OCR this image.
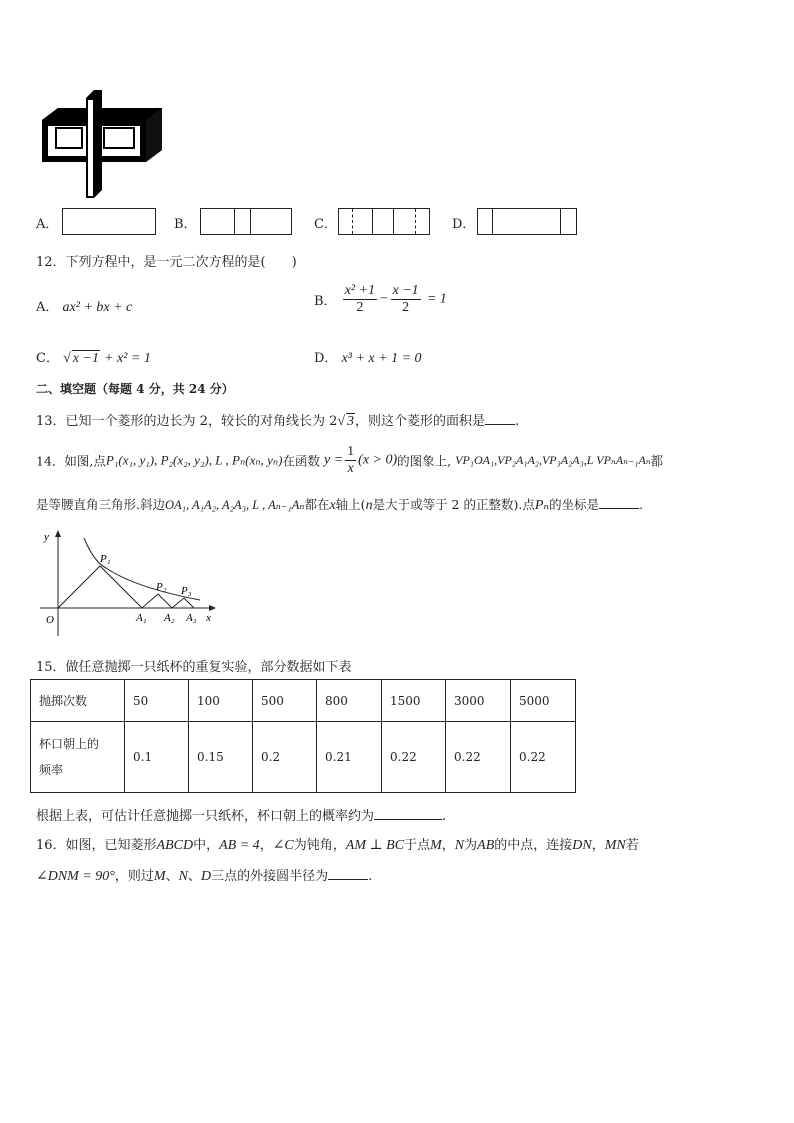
A．	B．	C．	D．
12．下列方程中，是一元二次方程的是(　　)
A． ax² + bx + c	B． $\frac{\text{x² +1}}{2} - \frac{x -1}{2} = 1$
C． √ x −1 + x² = 1	D． x³ + x + 1 = 0
二、填空题（每题 4 分，共 24 分）
13．已知一个菱形的边长为 2，较长的对角线长为 2√ 3，则这个菱形的面积是 .
14．如图,点P₁(x₁, y₁), P₂(x₂, y₂), L , Pₙ(xₙ, yₙ)在函数 $y = \frac{1}{x} (x > 0)$的图象上, VP₁OA₁,VP₂A₁A₂,VP₃A₂A₃,L VPₙAₙ₋₁Aₙ都
是等腰直角三角形.斜边OA₁, A₁A₂, A₂A₃, L , Aₙ₋₁Aₙ都在x轴上(n是大于或等于 2 的正整数).点Pₙ的坐标是	.
y
x
O
P₁
P₂ P₃
A₁ A₂ A₃
15．做任意抛掷一只纸杯的重复实验，部分数据如下表
抛掷次数	50	100	500	800	1500	3000	5000

杯口朝上的
频率	0.1	0.15	0.2	0.21	0.22	0.22	0.22
根据上表，可估计任意抛掷一只纸杯，杯口朝上的概率约为	.
16．如图，已知菱形ABCD中，AB = 4，∠C为钝角，AM ⊥ BC于点M，N为AB的中点，连接DN，MN若
∠DNM = 90°，则过M、N、D三点的外接圆半径为	.
